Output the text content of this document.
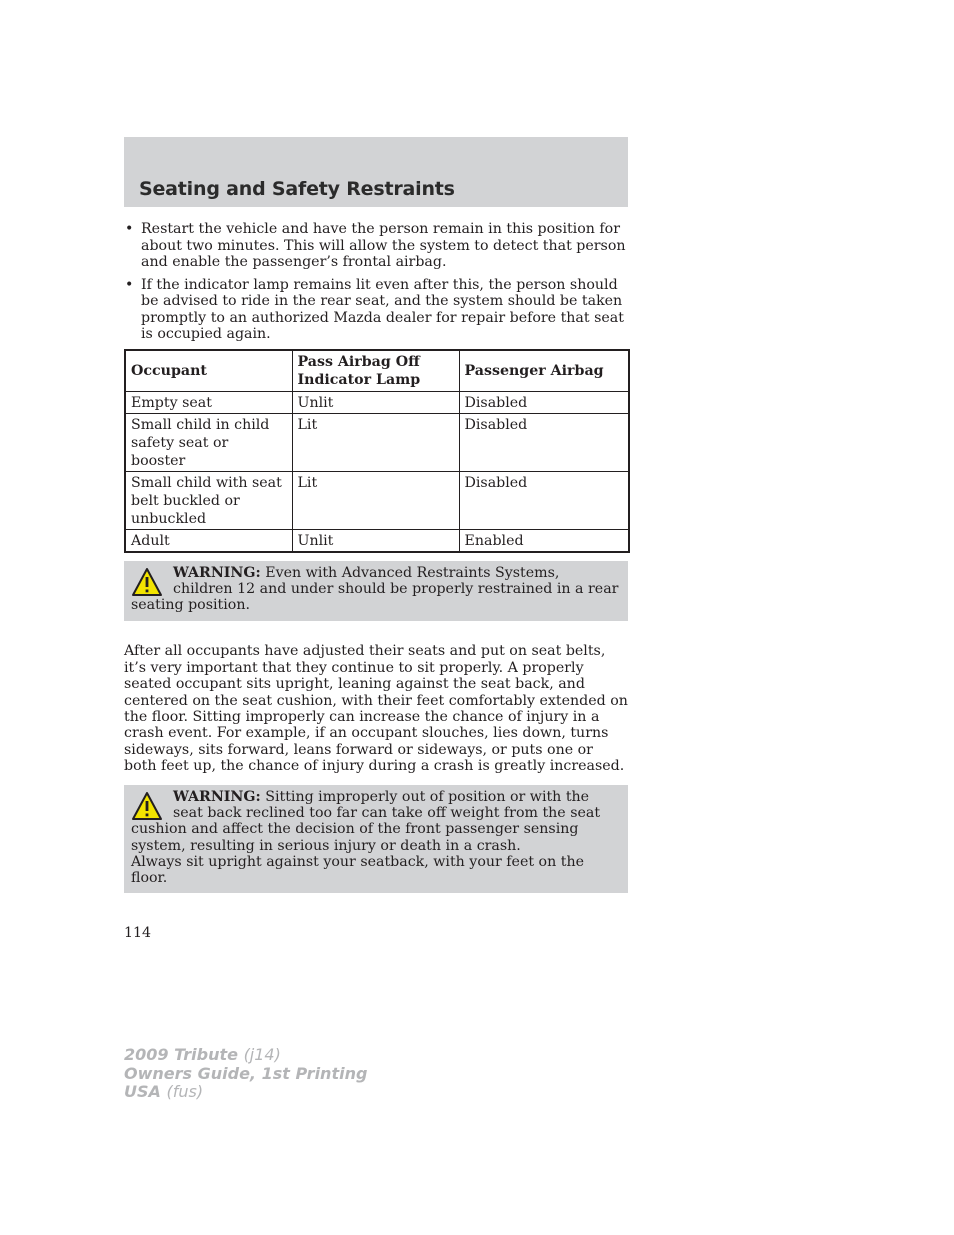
Seating and Safety Restraints
• Restart the vehicle and have the person remain in this position for about two minutes. This will allow the system to detect that person and enable the passenger’s frontal airbag.
• If the indicator lamp remains lit even after this, the person should be advised to ride in the rear seat, and the system should be taken promptly to an authorized Mazda dealer for repair before that seat is occupied again.
Occupant	Pass Airbag Off Indicator Lamp	Passenger Airbag
Empty seat	Unlit	Disabled
Small child in child safety seat or booster	Lit	Disabled
Small child with seat belt buckled or unbuckled	Lit	Disabled
Adult	Unlit	Enabled
WARNING: Even with Advanced Restraints Systems, children 12 and under should be properly restrained in a rear seating position.

After all occupants have adjusted their seats and put on seat belts, it’s very important that they continue to sit properly. A properly seated occupant sits upright, leaning against the seat back, and centered on the seat cushion, with their feet comfortably extended on the floor. Sitting improperly can increase the chance of injury in a crash event. For example, if an occupant slouches, lies down, turns sideways, sits forward, leans forward or sideways, or puts one or both feet up, the chance of injury during a crash is greatly increased.

WARNING: Sitting improperly out of position or with the seat back reclined too far can take off weight from the seat cushion and affect the decision of the front passenger sensing system, resulting in serious injury or death in a crash.
Always sit upright against your seatback, with your feet on the floor.
114
2009 Tribute (j14)
Owners Guide, 1st Printing
USA (fus)
